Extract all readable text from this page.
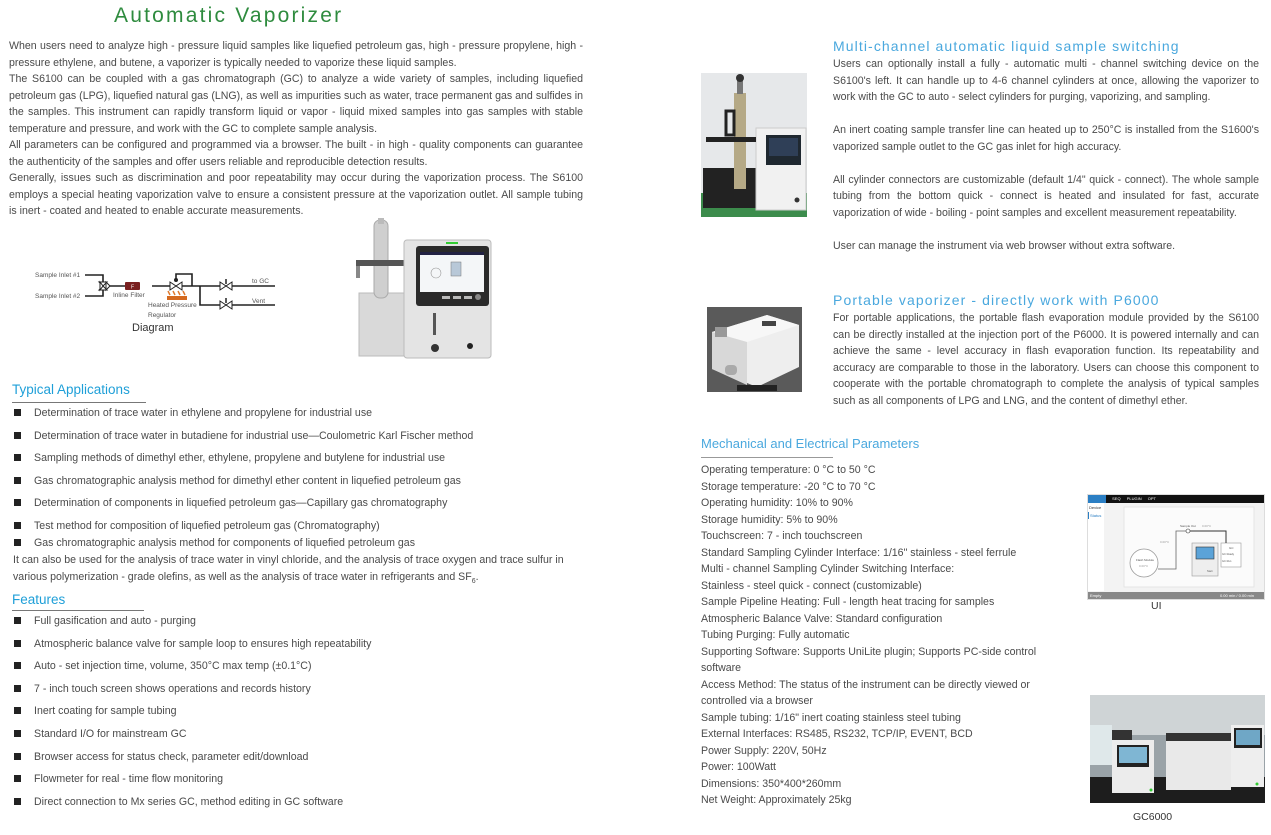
Automatic Vaporizer

When users need to analyze high - pressure liquid samples like liquefied petroleum gas, high - pressure propylene, high - pressure ethylene, and butene, a vaporizer is typically needed to vaporize these liquid samples.

The S6100 can be coupled with a gas chromatograph (GC) to analyze a wide variety of samples, including liquefied petroleum gas (LPG), liquefied natural gas (LNG), as well as impurities such as water, trace permanent gas and sulfides in the samples. This instrument can rapidly transform liquid or vapor - liquid mixed samples into gas samples with stable temperature and pressure, and work with the GC to complete sample analysis.

All parameters can be configured and programmed via a browser. The built - in high - quality components can guarantee the authenticity of the samples and offer users reliable and reproducible detection results.

Generally, issues such as discrimination and poor repeatability may occur during the vaporization process. The S6100 employs a special heating vaporization valve to ensure a consistent pressure at the vaporization outlet. All sample tubing is inert - coated and heated to enable accurate measurements.

F
Sample Inlet #1
Sample Inlet #2	Inline Filter
Heated Pressure
Regulator
to GC
Vent
Diagram
Typical Applications
Determination of trace water in ethylene and propylene for industrial use
Determination of trace water in butadiene for industrial use—Coulometric Karl Fischer method
Sampling methods of dimethyl ether, ethylene, propylene and butylene for industrial use
Gas chromatographic analysis method for dimethyl ether content in liquefied petroleum gas
Determination of components in liquefied petroleum gas—Capillary gas chromatography
Test method for composition of liquefied petroleum gas (Chromatography)
Gas chromatographic analysis method for components of liquefied petroleum gas
It can also be used for the analysis of trace water in vinyl chloride, and the analysis of trace oxygen and trace sulfur in
various polymerization - grade olefins, as well as the analysis of trace water in refrigerants and $SF_6$.
Features
Full gasification and auto - purging
Atmospheric balance valve for sample loop to ensures high repeatability
Auto - set injection time, volume, 350°C max temp (±0.1°C)
7 - inch touch screen shows operations and records history
Inert coating for sample tubing
Standard I/O for mainstream GC
Browser access for status check, parameter edit/download
Flowmeter for real - time flow monitoring
Direct connection to Mx series GC, method editing in GC software
Multi-channel automatic liquid sample switching

Users can optionally install a fully - automatic multi - channel switching device on the S6100's left. It can handle up to 4-6 channel cylinders at once, allowing the vaporizer to work with the GC to auto - select cylinders for purging, vaporizing, and sampling.

An inert coating sample transfer line can heated up to 250°C is installed from the S1600's vaporized sample outlet to the GC gas inlet for high accuracy.

All cylinder connectors are customizable (default 1/4" quick - connect). The whole sample tubing from the bottom quick - connect is heated and insulated for fast, accurate vaporization of wide - boiling - point samples and excellent measurement repeatability.

User can manage the instrument via web browser without extra software.

Portable vaporizer - directly work with P6000
For portable applications, the portable flash evaporation module provided by the S6100 can be directly installed at the injection port of the P6000. It is powered internally and can achieve the same - level accuracy in flash evaporation function. Its repeatability and accuracy are comparable to those in the laboratory. Users can choose this component to cooperate with the portable chromatograph to complete the analysis of typical samples such as all components of LPG and LNG, and the content of dimethyl ether.
Mechanical and Electrical Parameters
Operating temperature: 0 °C to 50 °C
Storage temperature: -20 °C to 70 °C
Operating humidity: 10% to 90%
Storage humidity: 5% to 90%
Touchscreen: 7 - inch touchscreen
Standard Sampling Cylinder Interface: 1/16" stainless - steel ferrule
Multi - channel Sampling Cylinder Switching Interface:
Stainless - steel quick - connect (customizable)
Sample Pipeline Heating: Full - length heat tracing for samples
Atmospheric Balance Valve: Standard configuration
Tubing Purging: Fully automatic
Supporting Software: Supports UniLite plugin; Supports PC-side control
software
Access Method: The status of the instrument can be directly viewed or
controlled via a browser
Sample tubing: 1/16" inert coating stainless steel tubing
External Interfaces: RS485, RS232, TCP/IP, EVENT, BCD
Power Supply: 220V, 50Hz
Power: 100Watt
Dimensions: 350*400*260mm
Net Weight: Approximately 25kg
SEQ PLUGIN OPT
Device
Status
Sample Out 0.00°C
0.00°C
Flash Module
0.00°C
GC
GC Ready
GC Run
Start
Empty	0.00 min / 0.00 min
UI
GC6000
